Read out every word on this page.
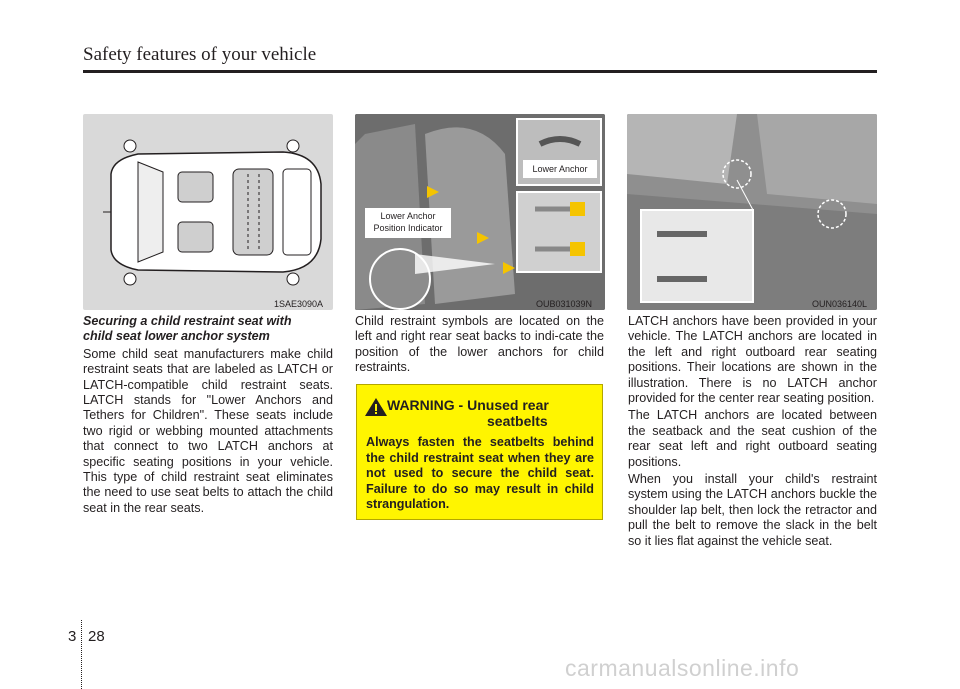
Safety features of your vehicle
1SAE3090A
Lower Anchor
Lower Anchor
Position Indicator
OUB031039N	OUN036140L
Securing a child restraint seat with
child seat lower anchor system

Some child seat manufacturers make child restraint seats that are labeled as LATCH or LATCH-compatible child restraint seats. LATCH stands for "Lower Anchors and Tethers for Children". These seats include two rigid or webbing mounted attachments that connect to two LATCH anchors at specific seating positions in your vehicle. This type of child restraint seat eliminates the need to use seat belts to attach the child seat in the rear seats.

Child restraint symbols are located on the left and right rear seat backs to indi-cate the position of the lower anchors for child restraints.

WARNING - Unused rear
seatbelts
Always fasten the seatbelts behind the child restraint seat when they are not used to secure the child seat. Failure to do so may result in child strangulation.

LATCH anchors have been provided in your vehicle. The LATCH anchors are located in the left and right outboard rear seating positions. Their locations are shown in the illustration. There is no LATCH anchor provided for the center rear seating position.

The LATCH anchors are located between the seatback and the seat cushion of the rear seat left and right outboard seating positions.

When you install your child's restraint system using the LATCH anchors buckle the shoulder lap belt, then lock the retractor and pull the belt to remove the slack in the belt so it lies flat against the vehicle seat.

3 28
carmanualsonline.info
